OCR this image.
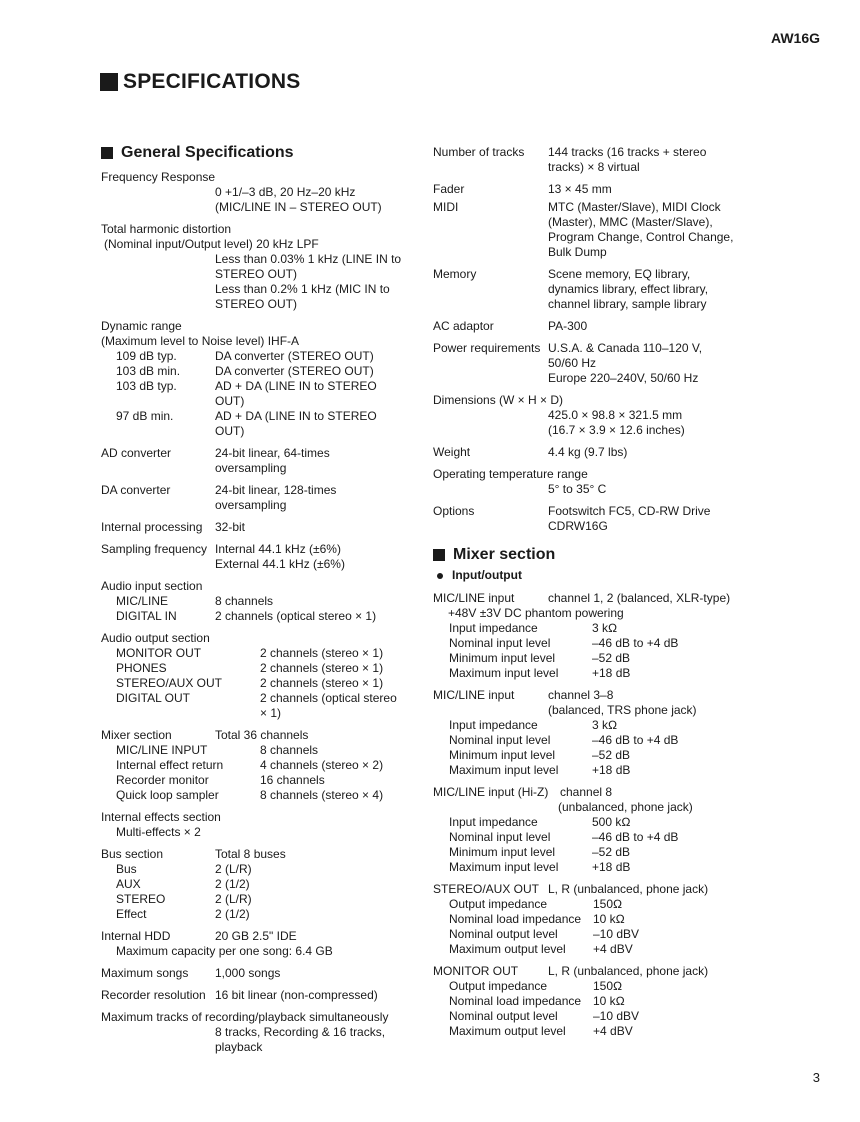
AW16G
SPECIFICATIONS
General Specifications
Frequency Response
0 +1/–3 dB, 20 Hz–20 kHz
(MIC/LINE IN – STEREO OUT)
Total harmonic distortion
(Nominal input/Output level) 20 kHz LPF
Less than 0.03% 1 kHz (LINE IN to
STEREO OUT)
Less than 0.2% 1 kHz (MIC IN to
STEREO OUT)
Dynamic range
(Maximum level to Noise level) IHF-A
109 dB typ.	DA converter (STEREO OUT)
103 dB min.	DA converter (STEREO OUT)
103 dB typ.	AD + DA (LINE IN to STEREO OUT)
97 dB min.	AD + DA (LINE IN to STEREO OUT)
AD converter	24-bit linear, 64-times oversampling
DA converter	24-bit linear, 128-times oversampling
Internal processing	32-bit
Sampling frequency Internal 44.1 kHz (±6%)
External 44.1 kHz (±6%)
Audio input section
MIC/LINE	8 channels
DIGITAL IN	2 channels (optical stereo × 1)
Audio output section
MONITOR OUT	2 channels (stereo × 1)
PHONES	2 channels (stereo × 1)
STEREO/AUX OUT	2 channels (stereo × 1)
DIGITAL OUT	2 channels (optical stereo × 1)
Mixer section	Total 36 channels
MIC/LINE INPUT	8 channels
Internal effect return	4 channels (stereo × 2)
Recorder monitor	16 channels
Quick loop sampler	8 channels (stereo × 4)
Internal effects section
Multi-effects × 2
Bus section	Total 8 buses
Bus	2 (L/R)
AUX	2 (1/2)
STEREO	2 (L/R)
Effect	2 (1/2)
Internal HDD	20 GB 2.5" IDE
Maximum capacity per one song: 6.4 GB
Maximum songs	1,000 songs
Recorder resolution 16 bit linear (non-compressed)
Maximum tracks of recording/playback simultaneously
8 tracks, Recording & 16 tracks, playback
Number of tracks	144 tracks (16 tracks + stereo tracks) × 8 virtual
Fader	13 × 45 mm
MIDI	MTC (Master/Slave), MIDI Clock (Master), MMC (Master/Slave), Program Change, Control Change, Bulk Dump
Memory	Scene memory, EQ library, dynamics library, effect library, channel library, sample library
AC adaptor	PA-300
Power requirements U.S.A. & Canada 110–120 V, 50/60 Hz
Europe 220–240V, 50/60 Hz
Dimensions (W × H × D)
425.0 × 98.8 × 321.5 mm
(16.7 × 3.9 × 12.6 inches)
Weight	4.4 kg (9.7 lbs)
Operating temperature range
5° to 35° C
Options	Footswitch FC5, CD-RW Drive CDRW16G
Mixer section
Input/output
MIC/LINE input	channel 1, 2 (balanced, XLR-type)
+48V ±3V DC phantom powering
Input impedance	3 kΩ
Nominal input level	–46 dB to +4 dB
Minimum input level	–52 dB
Maximum input level	+18 dB
MIC/LINE input	channel 3–8
(balanced, TRS phone jack)
Input impedance	3 kΩ
Nominal input level	–46 dB to +4 dB
Minimum input level	–52 dB
Maximum input level	+18 dB
MIC/LINE input (Hi-Z) channel 8
(unbalanced, phone jack)
Input impedance	500 kΩ
Nominal input level	–46 dB to +4 dB
Minimum input level	–52 dB
Maximum input level	+18 dB
STEREO/AUX OUT L, R (unbalanced, phone jack)
Output impedance	150Ω
Nominal load impedance 10 kΩ
Nominal output level	–10 dBV
Maximum output level	+4 dBV
MONITOR OUT	L, R (unbalanced, phone jack)
Output impedance	150Ω
Nominal load impedance 10 kΩ
Nominal output level	–10 dBV
Maximum output level	+4 dBV
3
